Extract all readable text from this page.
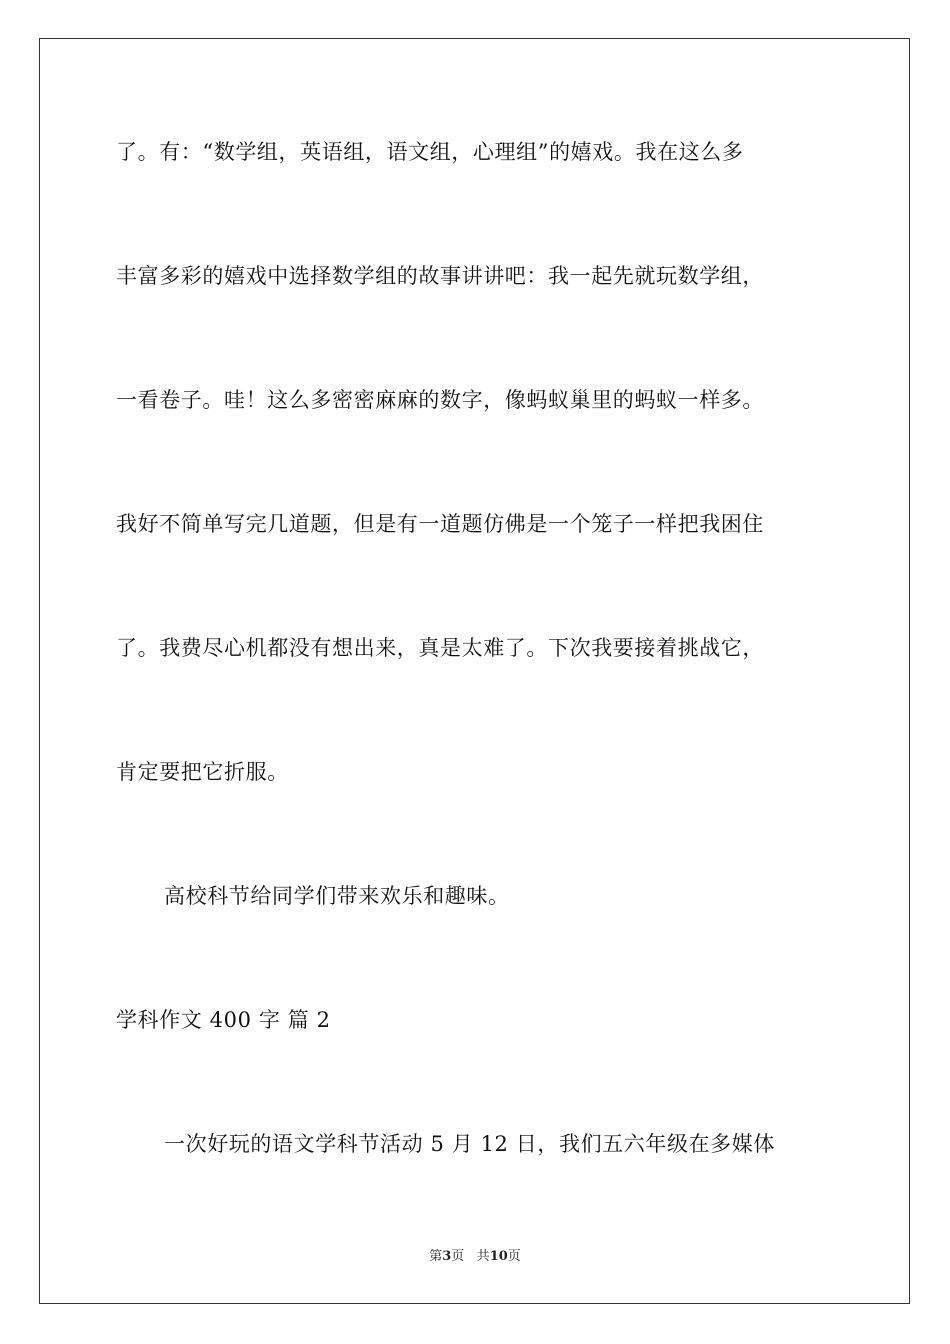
了。有：“数学组，英语组，语文组，心理组”的嬉戏。我在这么多
丰富多彩的嬉戏中选择数学组的故事讲讲吧：我一起先就玩数学组，
一看卷子。哇！这么多密密麻麻的数字，像蚂蚁巢里的蚂蚁一样多。
我好不简单写完几道题，但是有一道题仿佛是一个笼子一样把我困住
了。我费尽心机都没有想出来，真是太难了。下次我要接着挑战它，
肯定要把它折服。
高校科节给同学们带来欢乐和趣味。
学科作文 400 字 篇 2
一次好玩的语文学科节活动 5 月 12 日，我们五六年级在多媒体
第3页 共10页
